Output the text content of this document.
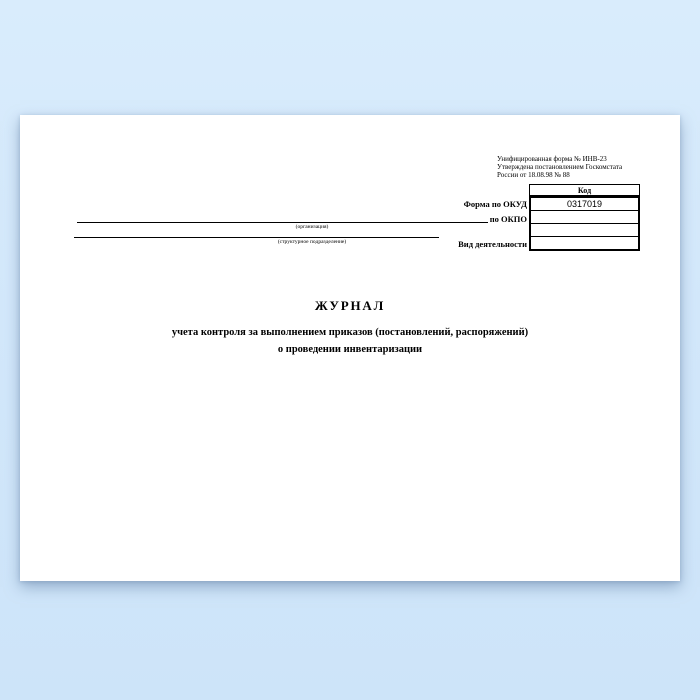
Унифицированная форма № ИНВ-23
Утверждена постановлением Госкомстата
России от 18.08.98 № 88
Код
0317019
Форма по ОКУД
по ОКПО
Вид деятельности
(организация)
(структурное подразделение)
ЖУРНАЛ
учета контроля за выполнением приказов (постановлений, распоряжений)
о проведении инвентаризации
